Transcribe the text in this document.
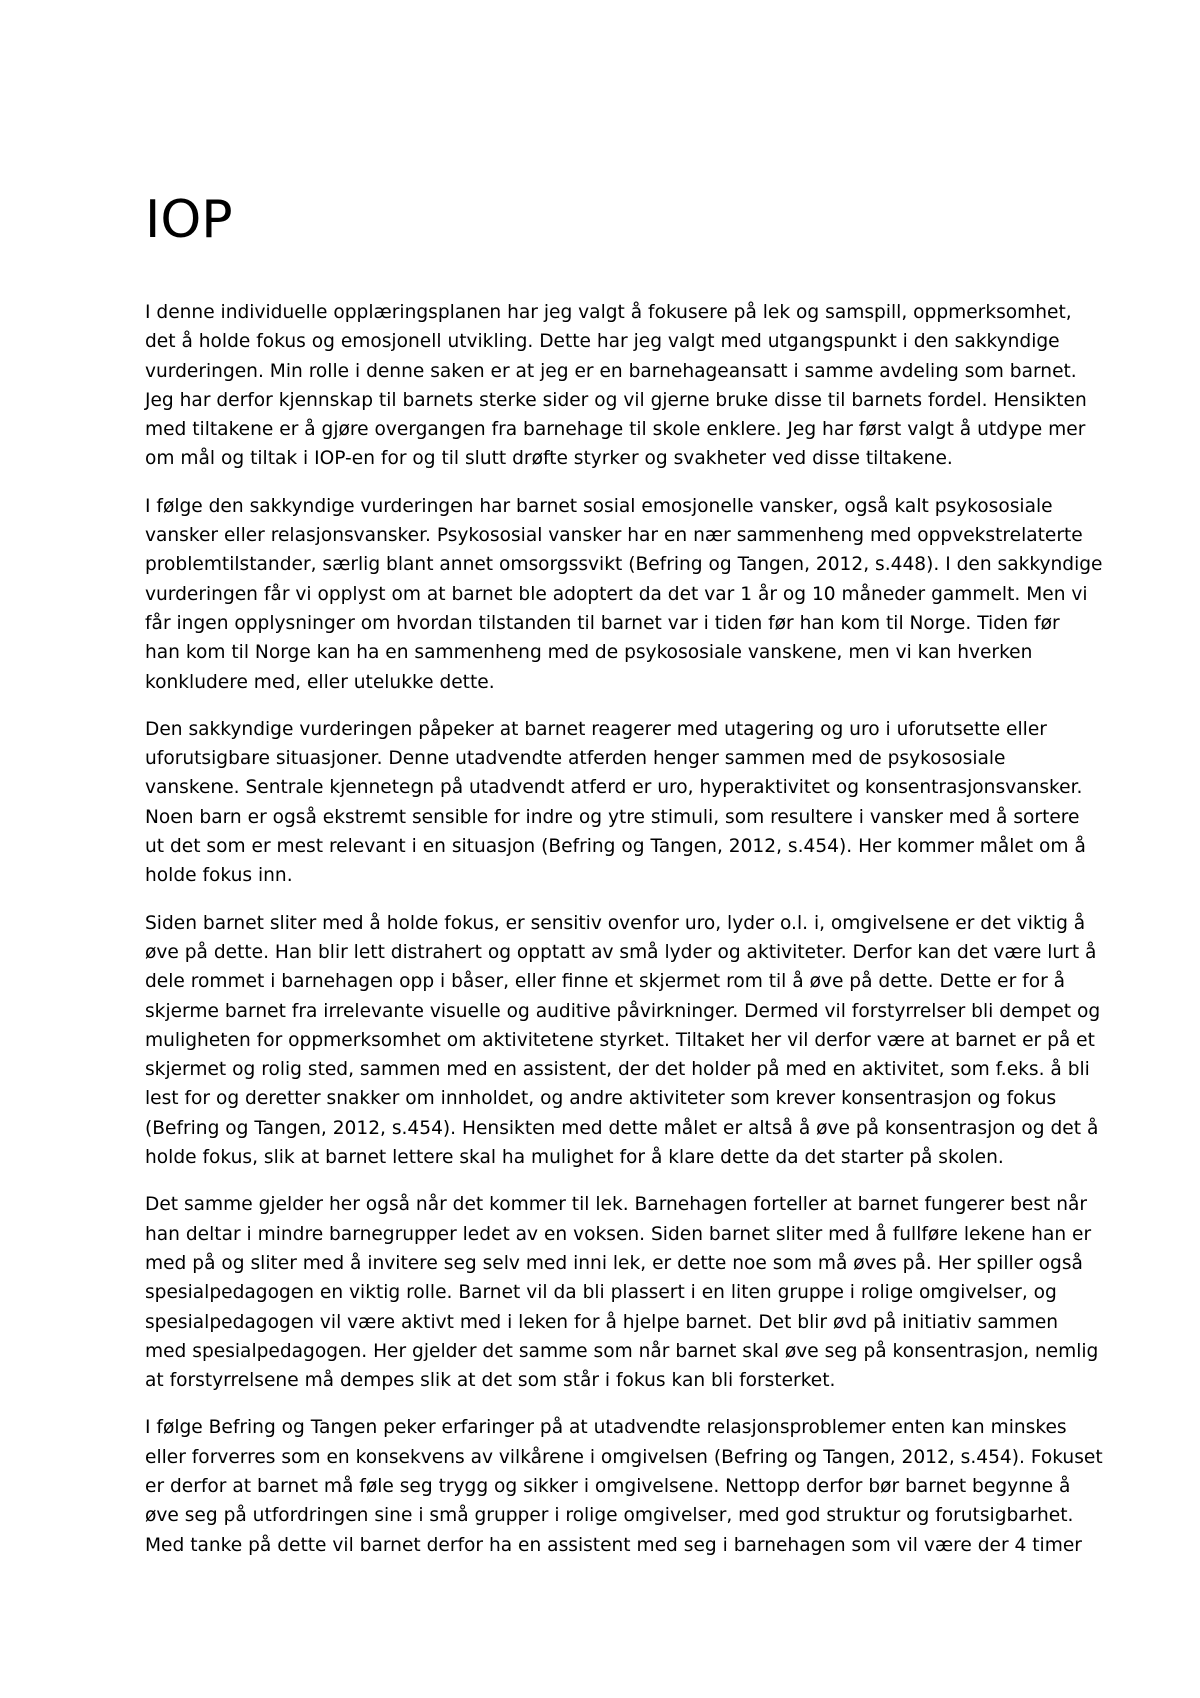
IOP

I denne individuelle opplæringsplanen har jeg valgt å fokusere på lek og samspill, oppmerksomhet,
det å holde fokus og emosjonell utvikling. Dette har jeg valgt med utgangspunkt i den sakkyndige
vurderingen. Min rolle i denne saken er at jeg er en barnehageansatt i samme avdeling som barnet.
Jeg har derfor kjennskap til barnets sterke sider og vil gjerne bruke disse til barnets fordel. Hensikten
med tiltakene er å gjøre overgangen fra barnehage til skole enklere. Jeg har først valgt å utdype mer
om mål og tiltak i IOP-en for og til slutt drøfte styrker og svakheter ved disse tiltakene.

I følge den sakkyndige vurderingen har barnet sosial emosjonelle vansker, også kalt psykososiale
vansker eller relasjonsvansker. Psykososial vansker har en nær sammenheng med oppvekstrelaterte
problemtilstander, særlig blant annet omsorgssvikt (Befring og Tangen, 2012, s.448). I den sakkyndige
vurderingen får vi opplyst om at barnet ble adoptert da det var 1 år og 10 måneder gammelt. Men vi
får ingen opplysninger om hvordan tilstanden til barnet var i tiden før han kom til Norge. Tiden før
han kom til Norge kan ha en sammenheng med de psykososiale vanskene, men vi kan hverken
konkludere med, eller utelukke dette.

Den sakkyndige vurderingen påpeker at barnet reagerer med utagering og uro i uforutsette eller
uforutsigbare situasjoner. Denne utadvendte atferden henger sammen med de psykososiale
vanskene. Sentrale kjennetegn på utadvendt atferd er uro, hyperaktivitet og konsentrasjonsvansker.
Noen barn er også ekstremt sensible for indre og ytre stimuli, som resultere i vansker med å sortere
ut det som er mest relevant i en situasjon (Befring og Tangen, 2012, s.454). Her kommer målet om å
holde fokus inn.

Siden barnet sliter med å holde fokus, er sensitiv ovenfor uro, lyder o.l. i, omgivelsene er det viktig å
øve på dette. Han blir lett distrahert og opptatt av små lyder og aktiviteter. Derfor kan det være lurt å
dele rommet i barnehagen opp i båser, eller finne et skjermet rom til å øve på dette. Dette er for å
skjerme barnet fra irrelevante visuelle og auditive påvirkninger. Dermed vil forstyrrelser bli dempet og
muligheten for oppmerksomhet om aktivitetene styrket. Tiltaket her vil derfor være at barnet er på et
skjermet og rolig sted, sammen med en assistent, der det holder på med en aktivitet, som f.eks. å bli
lest for og deretter snakker om innholdet, og andre aktiviteter som krever konsentrasjon og fokus
(Befring og Tangen, 2012, s.454). Hensikten med dette målet er altså å øve på konsentrasjon og det å
holde fokus, slik at barnet lettere skal ha mulighet for å klare dette da det starter på skolen.

Det samme gjelder her også når det kommer til lek. Barnehagen forteller at barnet fungerer best når
han deltar i mindre barnegrupper ledet av en voksen. Siden barnet sliter med å fullføre lekene han er
med på og sliter med å invitere seg selv med inni lek, er dette noe som må øves på. Her spiller også
spesialpedagogen en viktig rolle. Barnet vil da bli plassert i en liten gruppe i rolige omgivelser, og
spesialpedagogen vil være aktivt med i leken for å hjelpe barnet. Det blir øvd på initiativ sammen
med spesialpedagogen. Her gjelder det samme som når barnet skal øve seg på konsentrasjon, nemlig
at forstyrrelsene må dempes slik at det som står i fokus kan bli forsterket.

I følge Befring og Tangen peker erfaringer på at utadvendte relasjonsproblemer enten kan minskes
eller forverres som en konsekvens av vilkårene i omgivelsen (Befring og Tangen, 2012, s.454). Fokuset
er derfor at barnet må føle seg trygg og sikker i omgivelsene. Nettopp derfor bør barnet begynne å
øve seg på utfordringen sine i små grupper i rolige omgivelser, med god struktur og forutsigbarhet.
Med tanke på dette vil barnet derfor ha en assistent med seg i barnehagen som vil være der 4 timer
